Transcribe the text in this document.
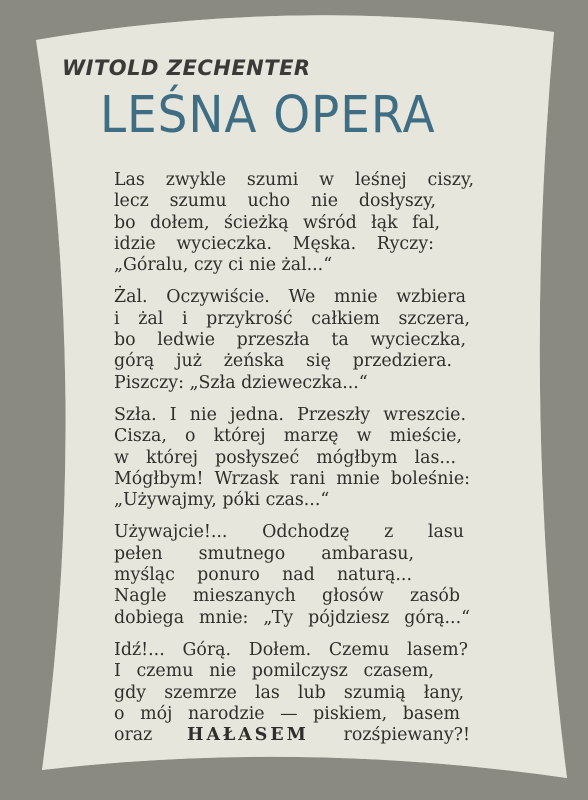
WITOLD ZECHENTER
LEŚNA OPERA
Las zwykle szumi w leśnej ciszy,
lecz szumu ucho nie dosłyszy,
bo dołem, ścieżką wśród łąk fal,
idzie wycieczka. Męska. Ryczy:
„Góralu, czy ci nie żal...“
Żal. Oczywiście. We mnie wzbiera
i żal i przykrość całkiem szczera,
bo ledwie przeszła ta wycieczka,
górą już żeńska się przedziera.
Piszczy: „Szła dzieweczka...“
Szła. I nie jedna. Przeszły wreszcie.
Cisza, o której marzę w mieście,
w której posłyszeć mógłbym las...
Mógłbym! Wrzask rani mnie boleśnie:
„Używajmy, póki czas...“
Używajcie!... Odchodzę z lasu
pełen smutnego ambarasu,
myśląc ponuro nad naturą...
Nagle mieszanych głosów zasób
dobiega mnie: „Ty pójdziesz górą...“
Idź!... Górą. Dołem. Czemu lasem?
I czemu nie pomilczysz czasem,
gdy szemrze las lub szumią łany,
o mój narodzie — piskiem, basem
oraz HAŁASEM rozśpiewany?!
